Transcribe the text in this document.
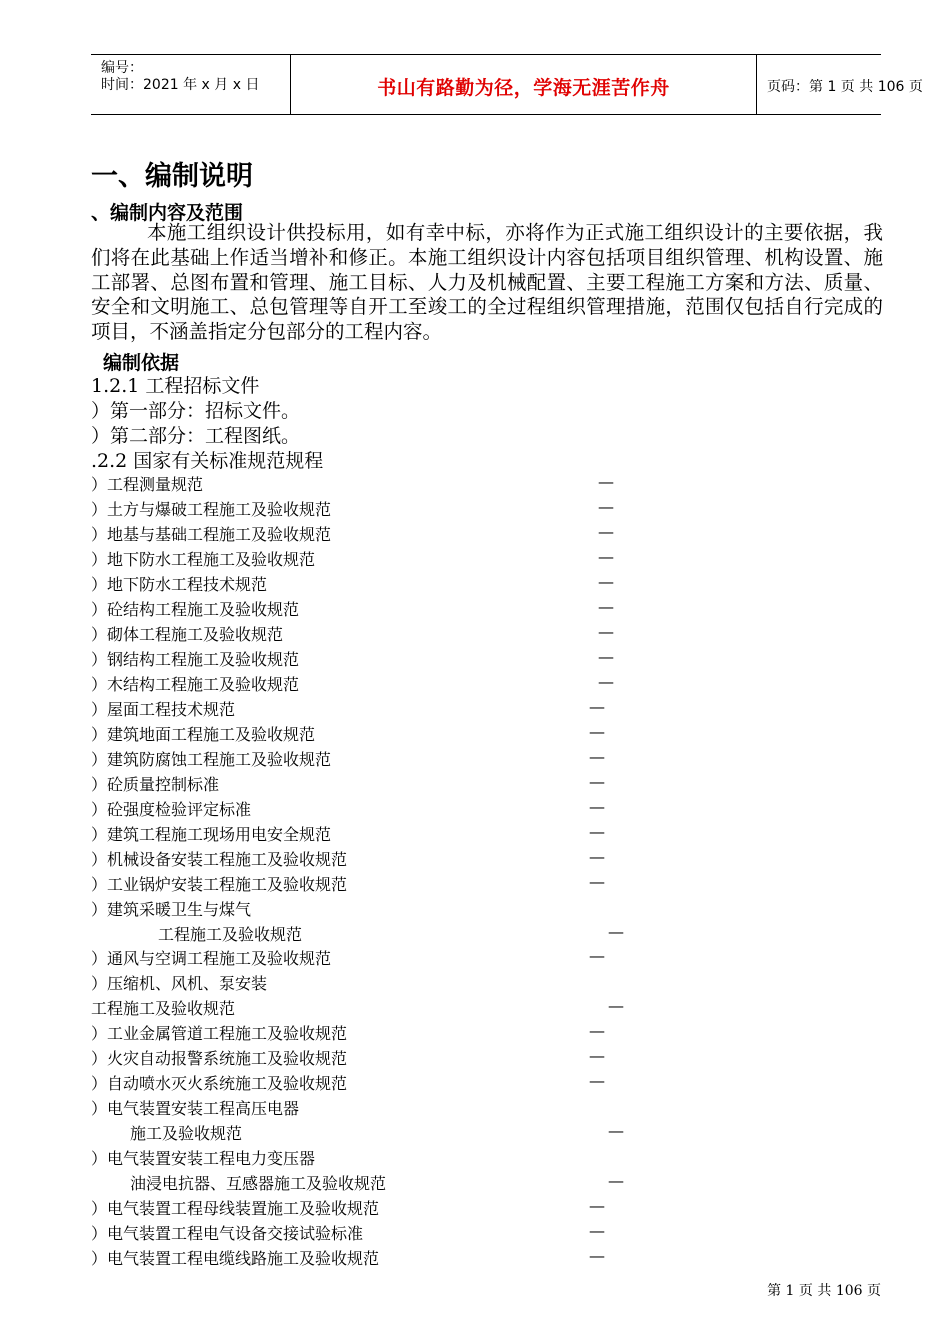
编号：
时间：2021 年 x 月 x 日	书山有路勤为径，学海无涯苦作舟	页码：第 1 页 共 106 页
一、编制说明
、编制内容及范围

本施工组织设计供投标用，如有幸中标，亦将作为正式施工组织设计的主要依据，我们将在此基础上作适当增补和修正。本施工组织设计内容包括项目组织管理、机构设置、施工部署、总图布置和管理、施工目标、人力及机械配置、主要工程施工方案和方法、质量、安全和文明施工、总包管理等自开工至竣工的全过程组织管理措施，范围仅包括自行完成的项目，不涵盖指定分包部分的工程内容。

编制依据
1.2.1 工程招标文件
）第一部分：招标文件。
）第二部分：工程图纸。
.2.2 国家有关标准规范规程
）工程测量规范	—
）土方与爆破工程施工及验收规范	—
）地基与基础工程施工及验收规范	—
）地下防水工程施工及验收规范	—
）地下防水工程技术规范	—
）砼结构工程施工及验收规范	—
）砌体工程施工及验收规范	—
）钢结构工程施工及验收规范	—
）木结构工程施工及验收规范	—
）屋面工程技术规范	—
）建筑地面工程施工及验收规范	—
）建筑防腐蚀工程施工及验收规范	—
）砼质量控制标准	—
）砼强度检验评定标准	—
）建筑工程施工现场用电安全规范	—
）机械设备安装工程施工及验收规范	—
）工业锅炉安装工程施工及验收规范	—
）建筑采暖卫生与煤气
工程施工及验收规范	—
）通风与空调工程施工及验收规范	—
）压缩机、风机、泵安装
工程施工及验收规范	—
）工业金属管道工程施工及验收规范	—
）火灾自动报警系统施工及验收规范	—
）自动喷水灭火系统施工及验收规范	—
）电气装置安装工程高压电器
施工及验收规范	—
）电气装置安装工程电力变压器
油浸电抗器、互感器施工及验收规范	—
）电气装置工程母线装置施工及验收规范	—
）电气装置工程电气设备交接试验标准	—
）电气装置工程电缆线路施工及验收规范	—
第 1 页 共 106 页
